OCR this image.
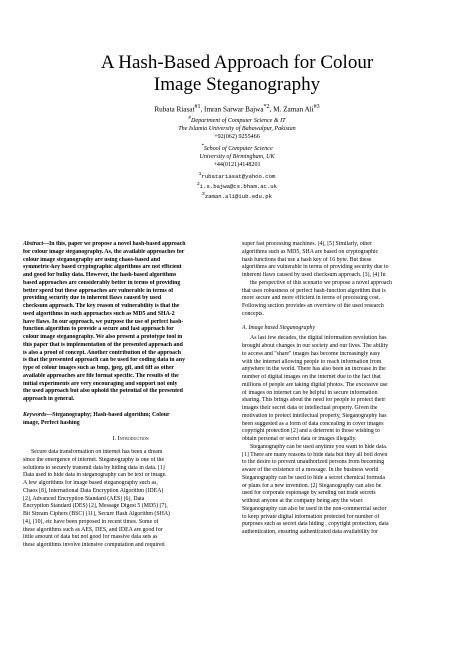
A Hash-Based Approach for Colour
Image Steganography
Rubata Riasat$^{\#1}$, Imran Sarwar Bajwa$^{*2}$, M. Zaman Ali$^{\#3}$
#Department of Computer Science & IT
The Islamia University of Bahawalpur, Pakistan
+92(062) 9255466
*School of Computer Science
University of Birmingham, UK
+44(0121)4148201
$^1$rubatariasat@yahoo.com
$^2$i.s.bajwa@cs.bham.ac.uk
$^3$zaman.ali@iub.edu.pk

Abstract—In this, paper we propose a novel hash-based approach
for colour image steganography. As, the available approaches for
colour image steganography are using chaos-based and
symmetric-key based cryptographic algorithms are not efficient
and good for bulky data. However, the hash-based algorithms
based approaches are considerably better in terms of providing
better speed but these approaches are vulnerable in terms of
providing security due to inherent flaws caused by used
checksum approach. The key reason of vulnerability is that the
used algorithms in such approaches such as MD5 and SHA-2
have flaws. In our approach, we purpose the use of perfect hash-
function algorithm to provide a secure and fast approach for
colour image steganography. We also present a prototype tool in
this paper that is implementation of the presented approach and
is also a proof of concept. Another contribution of the approach
is that the presented approach can be used for coding data in any
type of colour images such as bmp, jpeg, gif, and tiff as other
available approaches are file format specific. The results of the
initial experiments are very encouraging and support not only
the used approach but also uphold the potential of the presented
approach in general.

Keywords—Steganography; Hash-based algorithm; Colour
image, Perfect hashing

I. Introduction

Secure data transformation on internet has been a dream
since the emergence of internet. Steganography is one of the
solutions to securely transmit data by hiding data in data. [1]
Data used to hide data in steganography can be text or image.
A few algorithms for image based steganography such as,
Chaos [8], International Data Encryption Algorithm (IDEA)
[2], Advanced Encryption Standard (AES) [6], Data
Encryption Standard (DES) [2], Message Digest 5 (MD5) [7],
Bit Stream Ciphers (BSC) [11], Secure Hash Algorithm (SHA)
[4], [10], etc have been proposed in recent times. Some of
these algorithms such as AES, DES, and IDEA are good for
little amount of data but not good for massive data sets as
these algorithms involve intensive computation and required

super fast processing machines. [4], [5] Similarly, other
algorithms such as MD5, SHA are based on cryptographic
hash functions that use a hash key of 16 byte. But these
algorithms are vulnerable in terms of providing security due to
inherent flaws caused by used checksum approach. [3], [4] In
the perspective of this scenario we propose a novel approach
that uses robustness of perfect hash-function algorithm that is
more secure and more efficient in terms of processing cost.
Following section provides an overview of the used research
concepts.

A. Image based Steganography

As last few decades, the digital information revolution has
brought about changes in our society and our lives. The ability
to access and "share" images has become increasingly easy
with the internet allowing people to reach information from
anywhere in the world. There has also been an increase in the
number of digital images on the internet due to the fact that
millions of people are taking digital photos. The excessive use
of images on internet can be helpful in secure information
sharing. This brings about the need for people to protect their
images their secret data or intellectual property. Given the
motivation to protect intellectual property, Steganography has
been suggested as a form of data concealing in cover images
copyright protection [2] and a deterrent to those wishing to
obtain personal or secret data or images illegally.

Steganography can be used anytime you want to hide data.
[1] There are many reasons to hide data but they all boil down
to the desire to prevent unauthorized persons from becoming
aware of the existence of a message. In the business world
Steganography can be used to hide a secret chemical formula
or plans for a new invention. [2] Steganography can also be
used for corporate espionage by sending out trade secrets
without anyone at the company being any the wiser.
Steganography can also be used in the non-commercial sector
to keep private digital information protected for number of
purposes such as secret data hiding , copyright protection, data
authentication, ensuring authenticated data availability for
